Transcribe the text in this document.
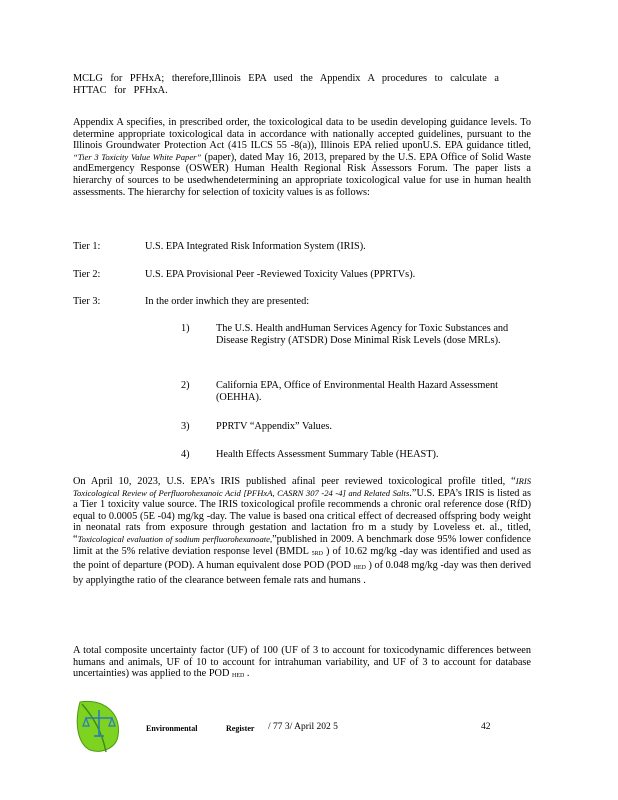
MCLG for PFHxA; therefore,Illinois EPA used the Appendix A procedures to calculate a
HTTAC for PFHxA.
Appendix A specifies, in prescribed order, the toxicological data to be usedin developing guidance levels. To determine appropriate toxicological data in accordance with nationally accepted guidelines, pursuant to the Illinois Groundwater Protection Act (415 ILCS 55 -8(a)), Illinois EPA relied uponU.S. EPA guidance titled, “Tier 3 Toxicity Value White Paper” (paper), dated May 16, 2013, prepared by the U.S. EPA Office of Solid Waste andEmergency Response (OSWER) Human Health Regional Risk Assessors Forum. The paper lists a hierarchy of sources to be usedwhendetermining an appropriate toxicological value for use in human health assessments. The hierarchy for selection of toxicity values is as follows:
Tier 1:	U.S. EPA Integrated Risk Information System (IRIS).
Tier 2:	U.S. EPA Provisional Peer -Reviewed Toxicity Values (PPRTVs).
Tier 3:	In the order inwhich they are presented:
1)	The U.S. Health andHuman Services Agency for Toxic Substances and Disease Registry (ATSDR) Dose Minimal Risk Levels (dose MRLs).
2)	California EPA, Office of Environmental Health Hazard Assessment (OEHHA).
3)	PPRTV “Appendix” Values.
4)	Health Effects Assessment Summary Table (HEAST).
On April 10, 2023, U.S. EPA’s IRIS published afinal peer reviewed toxicological profile titled, “IRIS Toxicological Review of Perfluorohexanoic Acid [PFHxA, CASRN 307 -24 -4] and Related Salts.”U.S. EPA’s IRIS is listed as a Tier 1 toxicity value source. The IRIS toxicological profile recommends a chronic oral reference dose (RfD) equal to 0.0005 (5E -04) mg/kg -day. The value is based ona critical effect of decreased offspring body weight in neonatal rats from exposure through gestation and lactation fro m a study by Loveless et. al., titled, “Toxicological evaluation of sodium perfluorohexanoate,”published in 2009. A benchmark dose 95% lower confidence limit at the 5% relative deviation response level (BMDL 5RD ) of 10.62 mg/kg -day was identified and used as the point of departure (POD). A human equivalent dose POD (POD HED ) of 0.048 mg/kg -day was then derived by applyingthe ratio of the clearance between female rats and humans .
A total composite uncertainty factor (UF) of 100 (UF of 3 to account for toxicodynamic differences between humans and animals, UF of 10 to account for intrahuman variability, and UF of 3 to account for database uncertainties) was applied to the POD HED .
Environmental	Register / 77 3/ April 202 5	42
